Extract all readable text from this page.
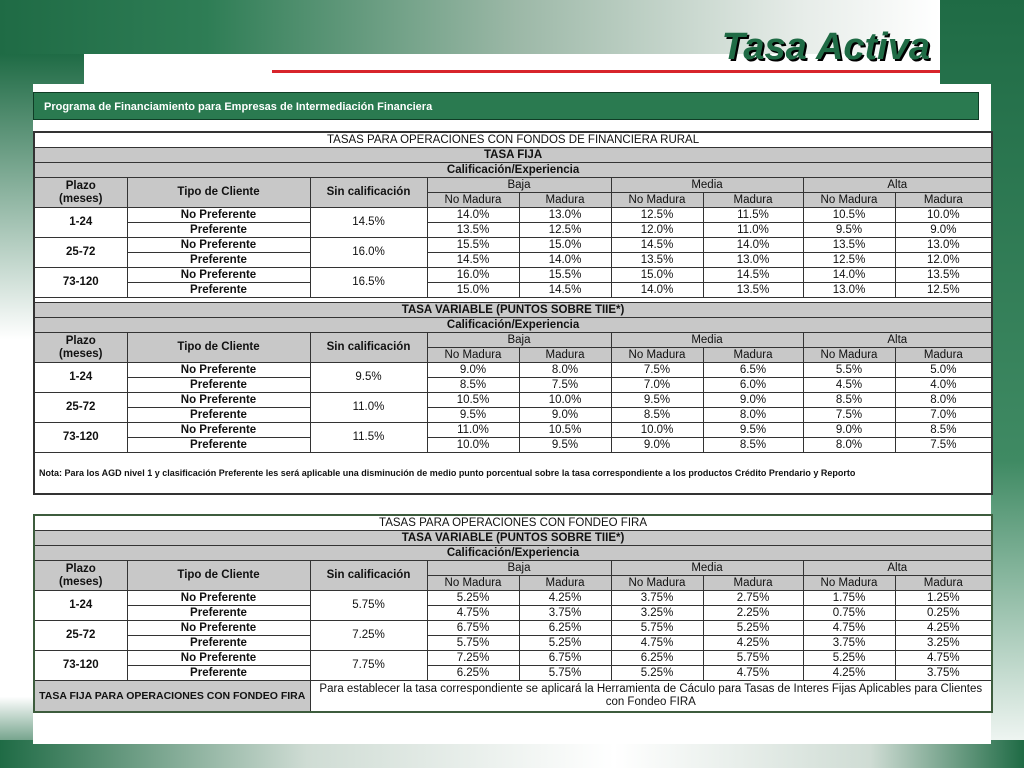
Tasa Activa
Programa de Financiamiento para Empresas de Intermediación Financiera
TASAS PARA OPERACIONES CON FONDOS DE FINANCIERA RURAL								
TASA FIJA								
Calificación/Experiencia								
Plazo
(meses)	Tipo de Cliente	Sin calificación	Baja		Media		Alta	
			No Madura	Madura	No Madura	Madura	No Madura	Madura
1-24	No Preferente	14.5%	14.0%	13.0%	12.5%	11.5%	10.5%	10.0%
	Preferente		13.5%	12.5%	12.0%	11.0%	9.5%	9.0%
25-72	No Preferente	16.0%	15.5%	15.0%	14.5%	14.0%	13.5%	13.0%
	Preferente		14.5%	14.0%	13.5%	13.0%	12.5%	12.0%
73-120	No Preferente	16.5%	16.0%	15.5%	15.0%	14.5%	14.0%	13.5%
	Preferente		15.0%	14.5%	14.0%	13.5%	13.0%	12.5%

TASA VARIABLE (PUNTOS SOBRE TIIE*)								
Calificación/Experiencia								
Plazo
(meses)	Tipo de Cliente	Sin calificación	Baja		Media		Alta	
			No Madura	Madura	No Madura	Madura	No Madura	Madura
1-24	No Preferente	9.5%	9.0%	8.0%	7.5%	6.5%	5.5%	5.0%
	Preferente		8.5%	7.5%	7.0%	6.0%	4.5%	4.0%
25-72	No Preferente	11.0%	10.5%	10.0%	9.5%	9.0%	8.5%	8.0%
	Preferente		9.5%	9.0%	8.5%	8.0%	7.5%	7.0%
73-120	No Preferente	11.5%	11.0%	10.5%	10.0%	9.5%	9.0%	8.5%
	Preferente		10.0%	9.5%	9.0%	8.5%	8.0%	7.5%
Nota: Para los AGD nivel 1 y clasificación Preferente les será aplicable una disminución de medio punto porcentual sobre la tasa correspondiente a los productos Crédito Prendario y Reporto								
TASAS PARA OPERACIONES CON FONDEO FIRA								
TASA VARIABLE (PUNTOS SOBRE TIIE*)								
Calificación/Experiencia								
Plazo
(meses)	Tipo de Cliente	Sin calificación	Baja		Media		Alta	
			No Madura	Madura	No Madura	Madura	No Madura	Madura
1-24	No Preferente	5.75%	5.25%	4.25%	3.75%	2.75%	1.75%	1.25%
	Preferente		4.75%	3.75%	3.25%	2.25%	0.75%	0.25%
25-72	No Preferente	7.25%	6.75%	6.25%	5.75%	5.25%	4.75%	4.25%
	Preferente		5.75%	5.25%	4.75%	4.25%	3.75%	3.25%
73-120	No Preferente	7.75%	7.25%	6.75%	6.25%	5.75%	5.25%	4.75%
	Preferente		6.25%	5.75%	5.25%	4.75%	4.25%	3.75%
TASA FIJA PARA OPERACIONES CON FONDEO FIRA		Para establecer la tasa correspondiente se aplicará la Herramienta de Cáculo para Tasas de Interes Fijas Aplicables para Clientes con Fondeo FIRA						
